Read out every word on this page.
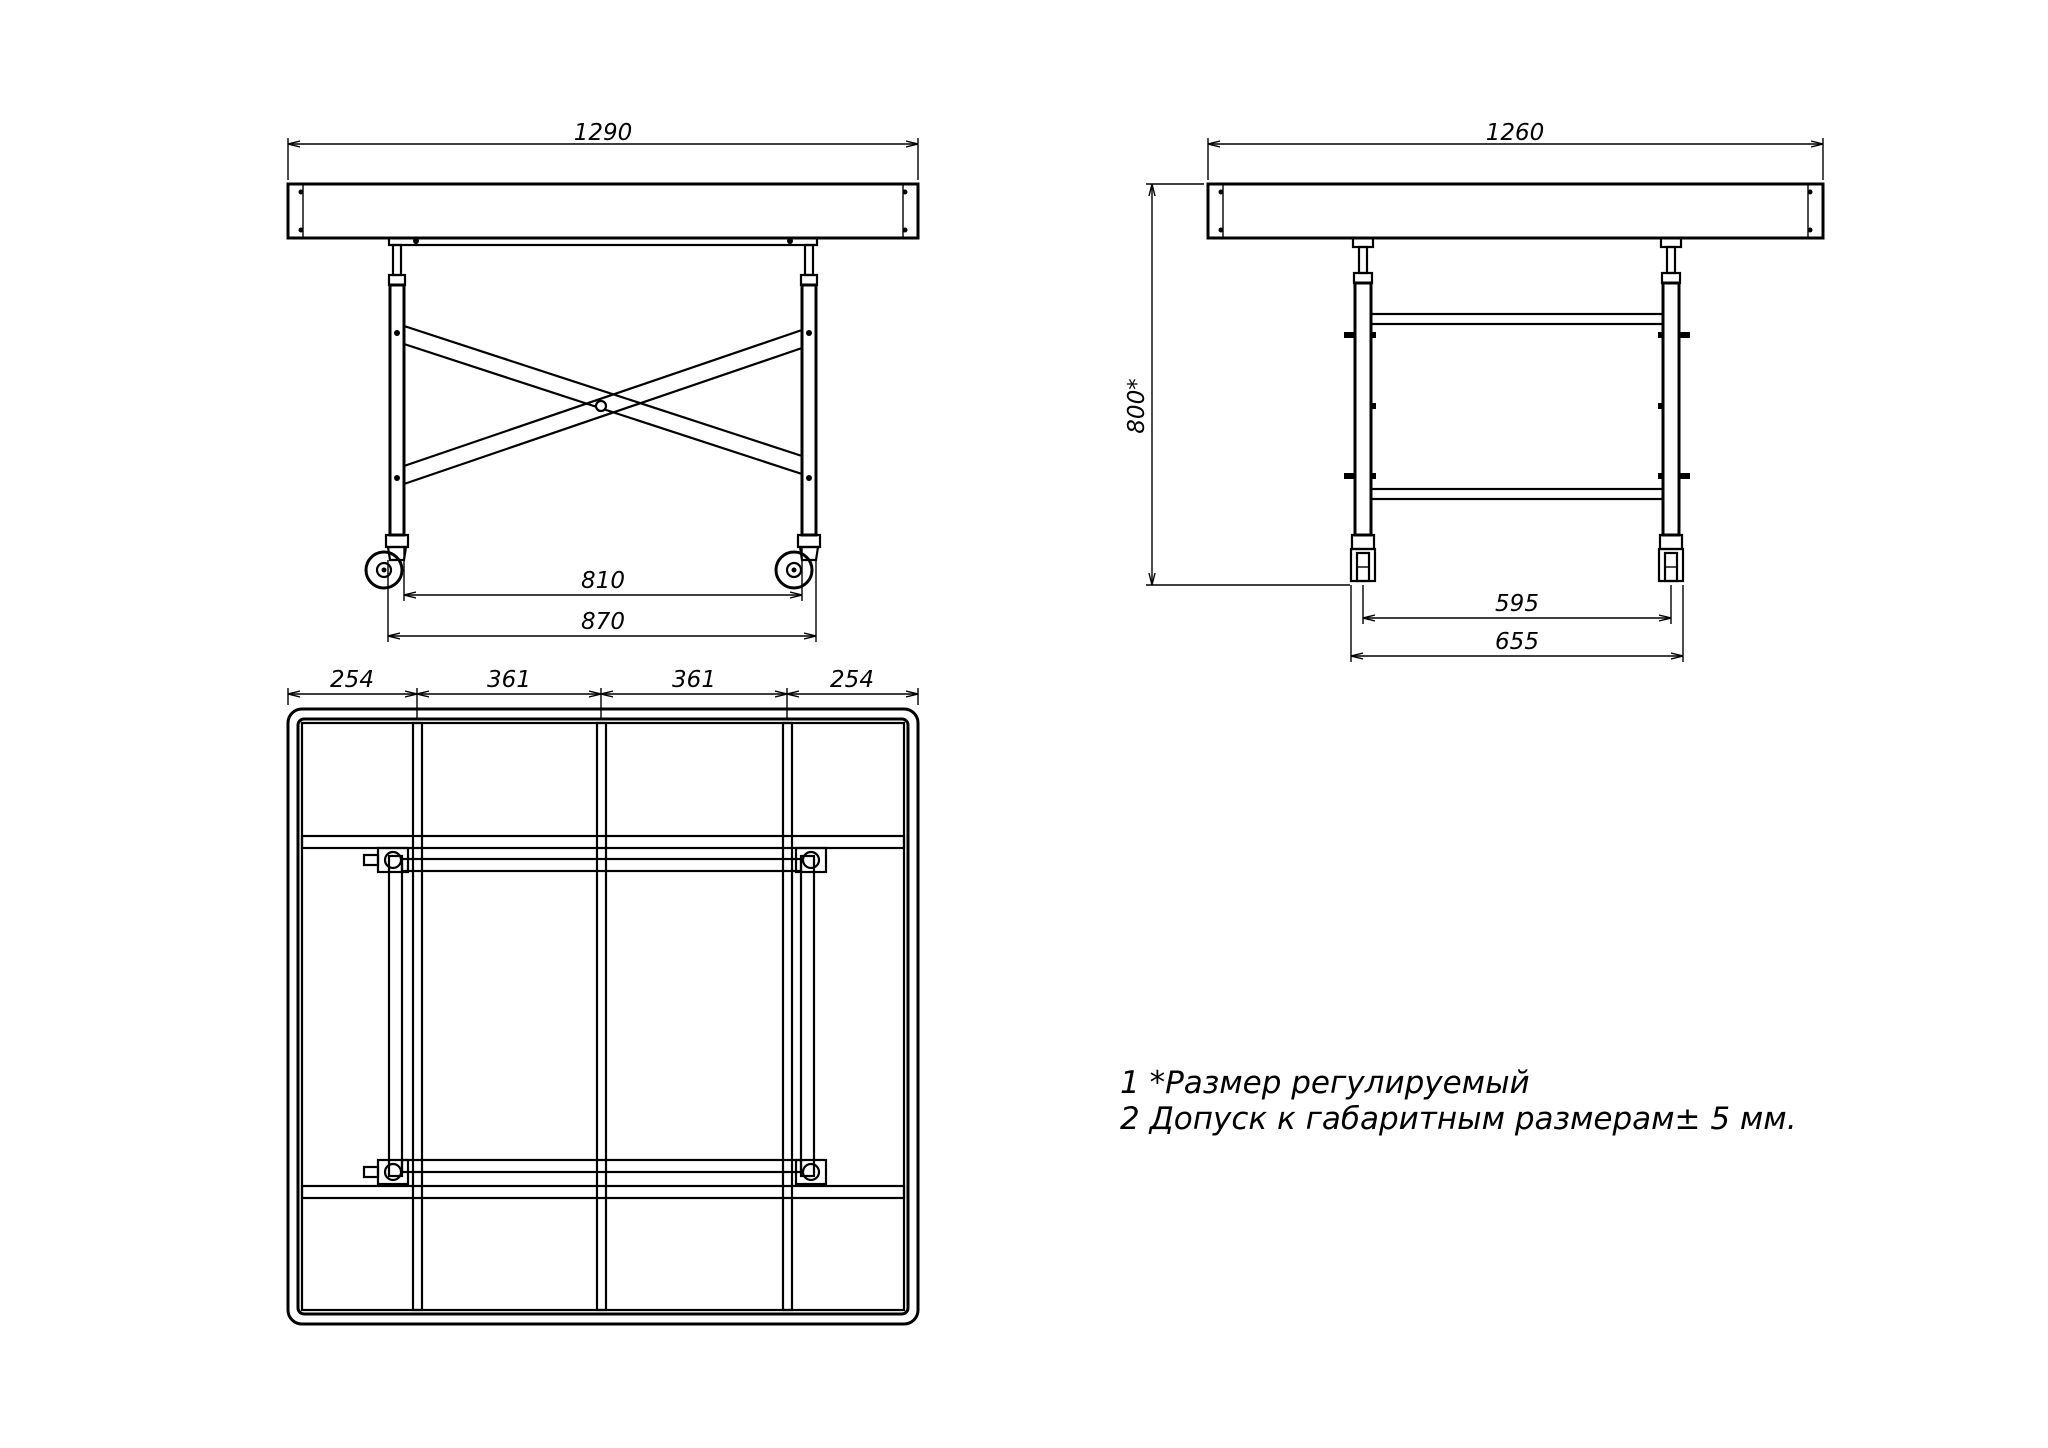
1290
810
870
1260
800*
595
655
254	361	361	254
1 *Размер регулируемый
2 Допуск к габаритным размерам± 5 мм.
